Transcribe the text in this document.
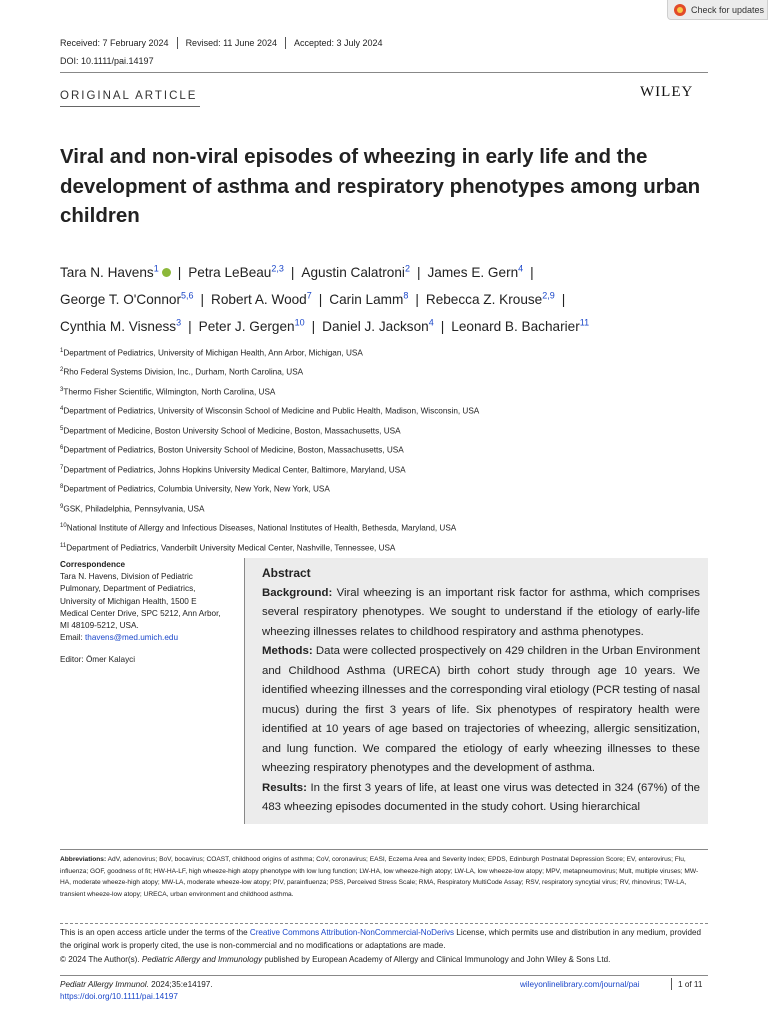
Check for updates
Received: 7 February 2024	Revised: 11 June 2024	Accepted: 3 July 2024
DOI: 10.1111/pai.14197
ORIGINAL ARTICLE	WILEY
Viral and non-viral episodes of wheezing in early life and the development of asthma and respiratory phenotypes among urban children
Tara N. Havens$^1$ | Petra LeBeau$^{2,3}$ | Agustin Calatroni$^2$ | James E. Gern$^4$ |
George T. O'Connor$^{5,6}$ | Robert A. Wood$^7$ | Carin Lamm$^8$ | Rebecca Z. Krouse$^{2,9}$ |
Cynthia M. Visness$^3$ | Peter J. Gergen$^{10}$ | Daniel J. Jackson$^4$ | Leonard B. Bacharier$^{11}$
$^1$Department of Pediatrics, University of Michigan Health, Ann Arbor, Michigan, USA
$^2$Rho Federal Systems Division, Inc., Durham, North Carolina, USA
$^3$Thermo Fisher Scientific, Wilmington, North Carolina, USA
$^4$Department of Pediatrics, University of Wisconsin School of Medicine and Public Health, Madison, Wisconsin, USA
$^5$Department of Medicine, Boston University School of Medicine, Boston, Massachusetts, USA
$^6$Department of Pediatrics, Boston University School of Medicine, Boston, Massachusetts, USA
$^7$Department of Pediatrics, Johns Hopkins University Medical Center, Baltimore, Maryland, USA
$^8$Department of Pediatrics, Columbia University, New York, New York, USA
$^9$GSK, Philadelphia, Pennsylvania, USA
$^{10}$National Institute of Allergy and Infectious Diseases, National Institutes of Health, Bethesda, Maryland, USA
$^{11}$Department of Pediatrics, Vanderbilt University Medical Center, Nashville, Tennessee, USA
Correspondence
Tara N. Havens, Division of Pediatric Pulmonary, Department of Pediatrics, University of Michigan Health, 1500 E Medical Center Drive, SPC 5212, Ann Arbor, MI 48109-5212, USA.
Email: thavens@med.umich.edu
Editor: Ömer Kalayci
Abstract

Background: Viral wheezing is an important risk factor for asthma, which comprises several respiratory phenotypes. We sought to understand if the etiology of early-life wheezing illnesses relates to childhood respiratory and asthma phenotypes.

Methods: Data were collected prospectively on 429 children in the Urban Environment and Childhood Asthma (URECA) birth cohort study through age 10 years. We identified wheezing illnesses and the corresponding viral etiology (PCR testing of nasal mucus) during the first 3 years of life. Six phenotypes of respiratory health were identified at 10 years of age based on trajectories of wheezing, allergic sensitization, and lung function. We compared the etiology of early wheezing illnesses to these wheezing respiratory phenotypes and the development of asthma.

Results: In the first 3 years of life, at least one virus was detected in 324 (67%) of the 483 wheezing episodes documented in the study cohort. Using hierarchical

Abbreviations: AdV, adenovirus; BoV, bocavirus; COAST, childhood origins of asthma; CoV, coronavirus; EASI, Eczema Area and Severity Index; EPDS, Edinburgh Postnatal Depression Score; EV, enterovirus; Flu, influenza; GOF, goodness of fit; HW-HA-LF, high wheeze-high atopy phenotype with low lung function; LW-HA, low wheeze-high atopy; LW-LA, low wheeze-low atopy; MPV, metapneumovirus; Mult, multiple viruses; MW-HA, moderate wheeze-high atopy; MW-LA, moderate wheeze-low atopy; PIV, parainfluenza; PSS, Perceived Stress Scale; RMA, Respiratory MultiCode Assay; RSV, respiratory syncytial virus; RV, rhinovirus; TW-LA, transient wheeze-low atopy; URECA, urban environment and childhood asthma.
This is an open access article under the terms of the Creative Commons Attribution-NonCommercial-NoDerivs License, which permits use and distribution in any medium, provided the original work is properly cited, the use is non-commercial and no modifications or adaptations are made.
© 2024 The Author(s). Pediatric Allergy and Immunology published by European Academy of Allergy and Clinical Immunology and John Wiley & Sons Ltd.
Pediatr Allergy Immunol. 2024;35:e14197.
https://doi.org/10.1111/pai.14197
wileyonlinelibrary.com/journal/pai	1 of 11
